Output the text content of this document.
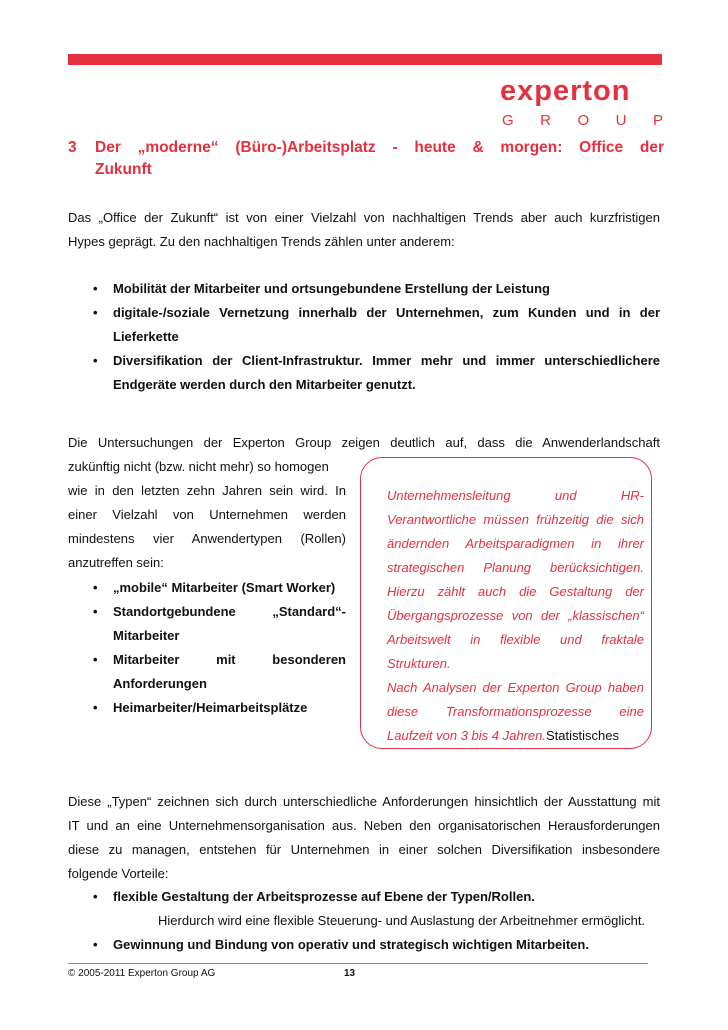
experton
G R O U P
3 Der „moderne“ (Büro-)Arbeitsplatz - heute & morgen: Office der
Zukunft
Das „Office der Zukunft“ ist von einer Vielzahl von nachhaltigen Trends aber auch kurzfristigen
Hypes geprägt. Zu den nachhaltigen Trends zählen unter anderem:
• Mobilität der Mitarbeiter und ortsungebundene Erstellung der Leistung
• digitale-/soziale Vernetzung innerhalb der Unternehmen, zum Kunden und in der
Lieferkette
• Diversifikation der Client-Infrastruktur. Immer mehr und immer unterschiedlichere
Endgeräte werden durch den Mitarbeiter genutzt.
Die Untersuchungen der Experton Group zeigen deutlich auf, dass die Anwenderlandschaft
zukünftig nicht (bzw. nicht mehr) so homogen
wie in den letzten zehn Jahren sein wird. In
einer Vielzahl von Unternehmen werden
mindestens vier Anwendertypen (Rollen)
anzutreffen sein:
• „mobile“ Mitarbeiter (Smart Worker)
• Standortgebundene „Standard“-
Mitarbeiter
• Mitarbeiter mit besonderen
Anforderungen
• Heimarbeiter/Heimarbeitsplätze
Unternehmensleitung und HR-
Verantwortliche müssen frühzeitig die sich
ändernden Arbeitsparadigmen in ihrer
strategischen Planung berücksichtigen.
Hierzu zählt auch die Gestaltung der
Übergangsprozesse von der „klassischen“
Arbeitswelt in flexible und fraktale
Strukturen.
Nach Analysen der Experton Group haben
diese Transformationsprozesse eine
Laufzeit von 3 bis 4 Jahren.Statistisches
Diese „Typen“ zeichnen sich durch unterschiedliche Anforderungen hinsichtlich der Ausstattung mit
IT und an eine Unternehmensorganisation aus. Neben den organisatorischen Herausforderungen
diese zu managen, entstehen für Unternehmen in einer solchen Diversifikation insbesondere
folgende Vorteile:
• flexible Gestaltung der Arbeitsprozesse auf Ebene der Typen/Rollen.
Hierdurch wird eine flexible Steuerung- und Auslastung der Arbeitnehmer ermöglicht.
• Gewinnung und Bindung von operativ und strategisch wichtigen Mitarbeiten.
© 2005-2011 Experton Group AG	13
